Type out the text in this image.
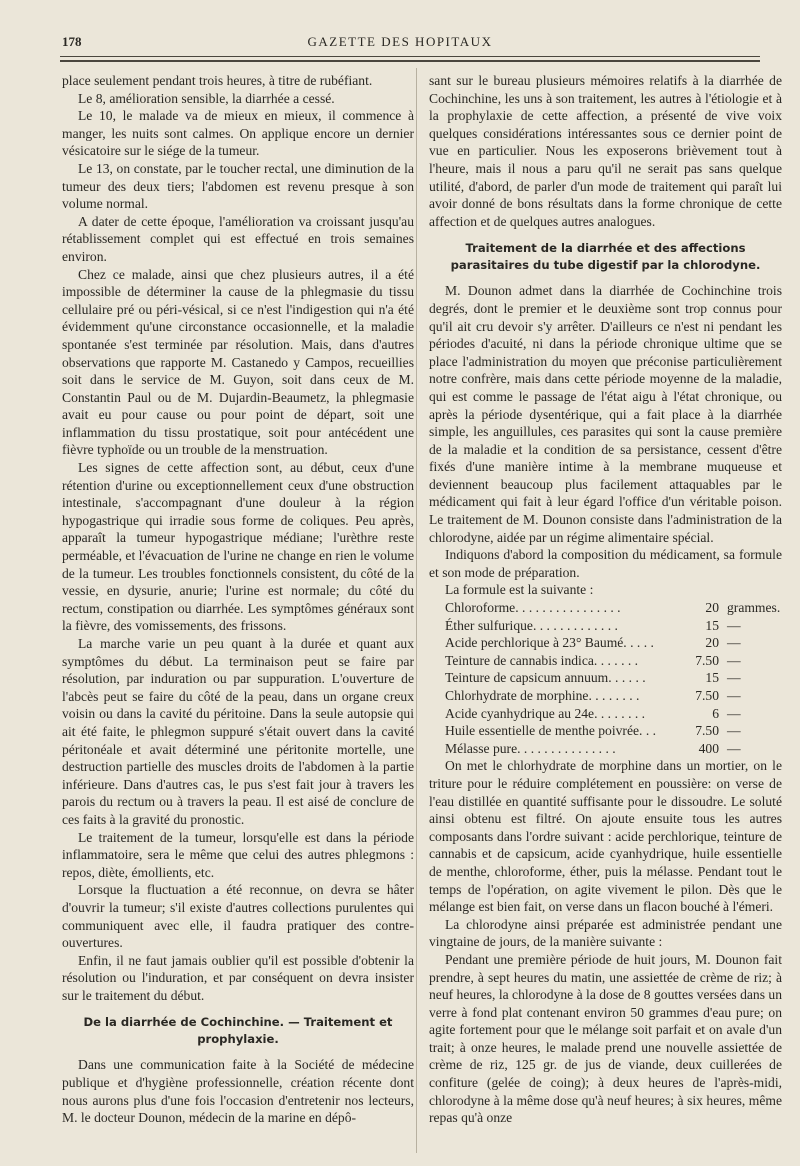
178	GAZETTE DES HOPITAUX

place seulement pendant trois heures, à titre de rubéfiant.

Le 8, amélioration sensible, la diarrhée a cessé.

Le 10, le malade va de mieux en mieux, il commence à manger, les nuits sont calmes. On applique encore un dernier vésicatoire sur le siége de la tumeur.

Le 13, on constate, par le toucher rectal, une diminution de la tumeur des deux tiers; l'abdomen est revenu presque à son volume normal.

A dater de cette époque, l'amélioration va croissant jusqu'au rétablissement complet qui est effectué en trois semaines environ.

Chez ce malade, ainsi que chez plusieurs autres, il a été impossible de déterminer la cause de la phlegmasie du tissu cellulaire pré ou péri-vésical, si ce n'est l'indigestion qui n'a été évidemment qu'une circonstance occasionnelle, et la maladie spontanée s'est terminée par résolution. Mais, dans d'autres observations que rapporte M. Castanedo y Campos, recueillies soit dans le service de M. Guyon, soit dans ceux de M. Constantin Paul ou de M. Dujardin-Beaumetz, la phlegmasie avait eu pour cause ou pour point de départ, soit une inflammation du tissu prostatique, soit pour antécédent une fièvre typhoïde ou un trouble de la menstruation.

Les signes de cette affection sont, au début, ceux d'une rétention d'urine ou exceptionnellement ceux d'une obstruction intestinale, s'accompagnant d'une douleur à la région hypogastrique qui irradie sous forme de coliques. Peu après, apparaît la tumeur hypogastrique médiane; l'urèthre reste perméable, et l'évacuation de l'urine ne change en rien le volume de la tumeur. Les troubles fonctionnels consistent, du côté de la vessie, en dysurie, anurie; l'urine est normale; du côté du rectum, constipation ou diarrhée. Les symptômes généraux sont la fièvre, des vomissements, des frissons.

La marche varie un peu quant à la durée et quant aux symptômes du début. La terminaison peut se faire par résolution, par induration ou par suppuration. L'ouverture de l'abcès peut se faire du côté de la peau, dans un organe creux voisin ou dans la cavité du péritoine. Dans la seule autopsie qui ait été faite, le phlegmon suppuré s'était ouvert dans la cavité péritonéale et avait déterminé une péritonite mortelle, une destruction partielle des muscles droits de l'abdomen à la partie inférieure. Dans d'autres cas, le pus s'est fait jour à travers les parois du rectum ou à travers la peau. Il est aisé de conclure de ces faits à la gravité du pronostic.

Le traitement de la tumeur, lorsqu'elle est dans la période inflammatoire, sera le même que celui des autres phlegmons : repos, diète, émollients, etc.

Lorsque la fluctuation a été reconnue, on devra se hâter d'ouvrir la tumeur; s'il existe d'autres collections purulentes qui communiquent avec elle, il faudra pratiquer des contre-ouvertures.

Enfin, il ne faut jamais oublier qu'il est possible d'obtenir la résolution ou l'induration, et par conséquent on devra insister sur le traitement du début.

De la diarrhée de Cochinchine. — Traitement et prophylaxie.

Dans une communication faite à la Société de médecine publique et d'hygiène professionnelle, création récente dont nous aurons plus d'une fois l'occasion d'entretenir nos lecteurs, M. le docteur Dounon, médecin de la marine en dépô-

sant sur le bureau plusieurs mémoires relatifs à la diarrhée de Cochinchine, les uns à son traitement, les autres à l'étiologie et à la prophylaxie de cette affection, a présenté de vive voix quelques considérations intéressantes sous ce dernier point de vue en particulier. Nous les exposerons brièvement tout à l'heure, mais il nous a paru qu'il ne serait pas sans quelque utilité, d'abord, de parler d'un mode de traitement qui paraît lui avoir donné de bons résultats dans la forme chronique de cette affection et de quelques autres analogues.

Traitement de la diarrhée et des affections parasitaires du tube digestif par la chlorodyne.

M. Dounon admet dans la diarrhée de Cochinchine trois degrés, dont le premier et le deuxième sont trop connus pour qu'il ait cru devoir s'y arrêter. D'ailleurs ce n'est ni pendant les périodes d'acuité, ni dans la période chronique ultime que se place l'administration du moyen que préconise particulièrement notre confrère, mais dans cette période moyenne de la maladie, qui est comme le passage de l'état aigu à l'état chronique, ou après la période dysentérique, qui a fait place à la diarrhée simple, les anguillules, ces parasites qui sont la cause première de la maladie et la condition de sa persistance, cessent d'être fixés d'une manière intime à la membrane muqueuse et deviennent beaucoup plus facilement attaquables par le médicament qui fait à leur égard l'office d'un véritable poison. Le traitement de M. Dounon consiste dans l'administration de la chlorodyne, aidée par un régime alimentaire spécial.

Indiquons d'abord la composition du médicament, sa formule et son mode de préparation.

La formule est la suivante :

Chloroforme. . . . . . . . . . . . . . . .	20 grammes.
Éther sulfurique. . . . . . . . . . . . .	15 —
Acide perchlorique à 23° Baumé. . . . .	20 —
Teinture de cannabis indica. . . . . . .	7.50 —
Teinture de capsicum annuum. . . . . .	15 —
Chlorhydrate de morphine. . . . . . . .	7.50 —
Acide cyanhydrique au 24e. . . . . . . .	6 —
Huile essentielle de menthe poivrée. . .	7.50 —
Mélasse pure. . . . . . . . . . . . . . .	400 —

On met le chlorhydrate de morphine dans un mortier, on le triture pour le réduire complétement en poussière: on verse de l'eau distillée en quantité suffisante pour le dissoudre. Le soluté ainsi obtenu est filtré. On ajoute ensuite tous les autres composants dans l'ordre suivant : acide perchlorique, teinture de cannabis et de capsicum, acide cyanhydrique, huile essentielle de menthe, chloroforme, éther, puis la mélasse. Pendant tout le temps de l'opération, on agite vivement le pilon. Dès que le mélange est bien fait, on verse dans un flacon bouché à l'émeri.

La chlorodyne ainsi préparée est administrée pendant une vingtaine de jours, de la manière suivante :

Pendant une première période de huit jours, M. Dounon fait prendre, à sept heures du matin, une assiettée de crème de riz; à neuf heures, la chlorodyne à la dose de 8 gouttes versées dans un verre à fond plat contenant environ 50 grammes d'eau pure; on agite fortement pour que le mélange soit parfait et on avale d'un trait; à onze heures, le malade prend une nouvelle assiettée de crème de riz, 125 gr. de jus de viande, deux cuillerées de confiture (gelée de coing); à deux heures de l'après-midi, chlorodyne à la même dose qu'à neuf heures; à six heures, même repas qu'à onze
